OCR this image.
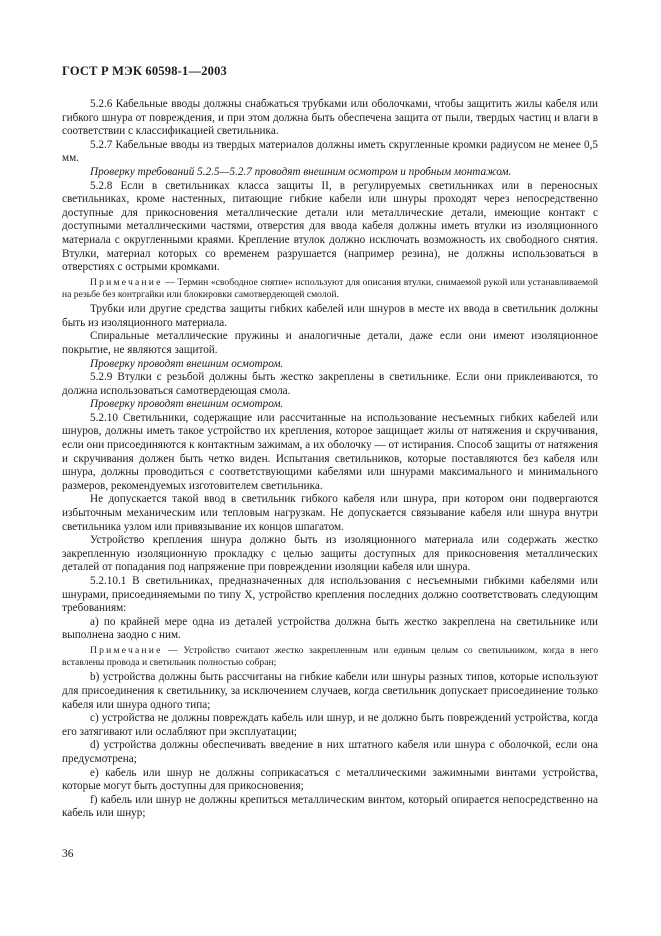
ГОСТ Р МЭК 60598-1—2003

5.2.6 Кабельные вводы должны снабжаться трубками или оболочками, чтобы защитить жилы кабеля или гибкого шнура от повреждения, и при этом должна быть обеспечена защита от пыли, твердых частиц и влаги в соответствии с классификацией светильника.

5.2.7 Кабельные вводы из твердых материалов должны иметь скругленные кромки радиусом не менее 0,5 мм.

Проверку требований 5.2.5—5.2.7 проводят внешним осмотром и пробным монтажом.

5.2.8 Если в светильниках класса защиты II, в регулируемых светильниках или в переносных светильниках, кроме настенных, питающие гибкие кабели или шнуры проходят через непосредственно доступные для прикосновения металлические детали или металлические детали, имеющие контакт с доступными металлическими частями, отверстия для ввода кабеля должны иметь втулки из изоляционного материала с округленными краями. Крепление втулок должно исключать возможность их свободного снятия. Втулки, материал которых со временем разрушается (например резина), не должны использоваться в отверстиях с острыми кромками.

Примечание — Термин «свободное снятие» используют для описания втулки, снимаемой рукой или устанавливаемой на резьбе без контргайки или блокировки самотвердеющей смолой.

Трубки или другие средства защиты гибких кабелей или шнуров в месте их ввода в светильник должны быть из изоляционного материала.

Спиральные металлические пружины и аналогичные детали, даже если они имеют изоляционное покрытие, не являются защитой.

Проверку проводят внешним осмотром.

5.2.9 Втулки с резьбой должны быть жестко закреплены в светильнике. Если они приклеиваются, то должна использоваться самотвердеющая смола.

Проверку проводят внешним осмотром.

5.2.10 Светильники, содержащие или рассчитанные на использование несъемных гибких кабелей или шнуров, должны иметь такое устройство их крепления, которое защищает жилы от натяжения и скручивания, если они присоединяются к контактным зажимам, а их оболочку — от истирания. Способ защиты от натяжения и скручивания должен быть четко виден. Испытания светильников, которые поставляются без кабеля или шнура, должны проводиться с соответствующими кабелями или шнурами максимального и минимального размеров, рекомендуемых изготовителем светильника.

Не допускается такой ввод в светильник гибкого кабеля или шнура, при котором они подвергаются избыточным механическим или тепловым нагрузкам. Не допускается связывание кабеля или шнура внутри светильника узлом или привязывание их концов шпагатом.

Устройство крепления шнура должно быть из изоляционного материала или содержать жестко закрепленную изоляционную прокладку с целью защиты доступных для прикосновения металлических деталей от попадания под напряжение при повреждении изоляции кабеля или шнура.

5.2.10.1 В светильниках, предназначенных для использования с несъемными гибкими кабелями или шнурами, присоединяемыми по типу X, устройство крепления последних должно соответствовать следующим требованиям:

а) по крайней мере одна из деталей устройства должна быть жестко закреплена на светильнике или выполнена заодно с ним.

Примечание — Устройство считают жестко закрепленным или единым целым со светильником, когда в него вставлены провода и светильник полностью собран;

b) устройства должны быть рассчитаны на гибкие кабели или шнуры разных типов, которые используют для присоединения к светильнику, за исключением случаев, когда светильник допускает присоединение только кабеля или шнура одного типа;

c) устройства не должны повреждать кабель или шнур, и не должно быть повреждений устройства, когда его затягивают или ослабляют при эксплуатации;

d) устройства должны обеспечивать введение в них штатного кабеля или шнура с оболочкой, если она предусмотрена;

e) кабель или шнур не должны соприкасаться с металлическими зажимными винтами устройства, которые могут быть доступны для прикосновения;

f) кабель или шнур не должны крепиться металлическим винтом, который опирается непосредственно на кабель или шнур;

36
